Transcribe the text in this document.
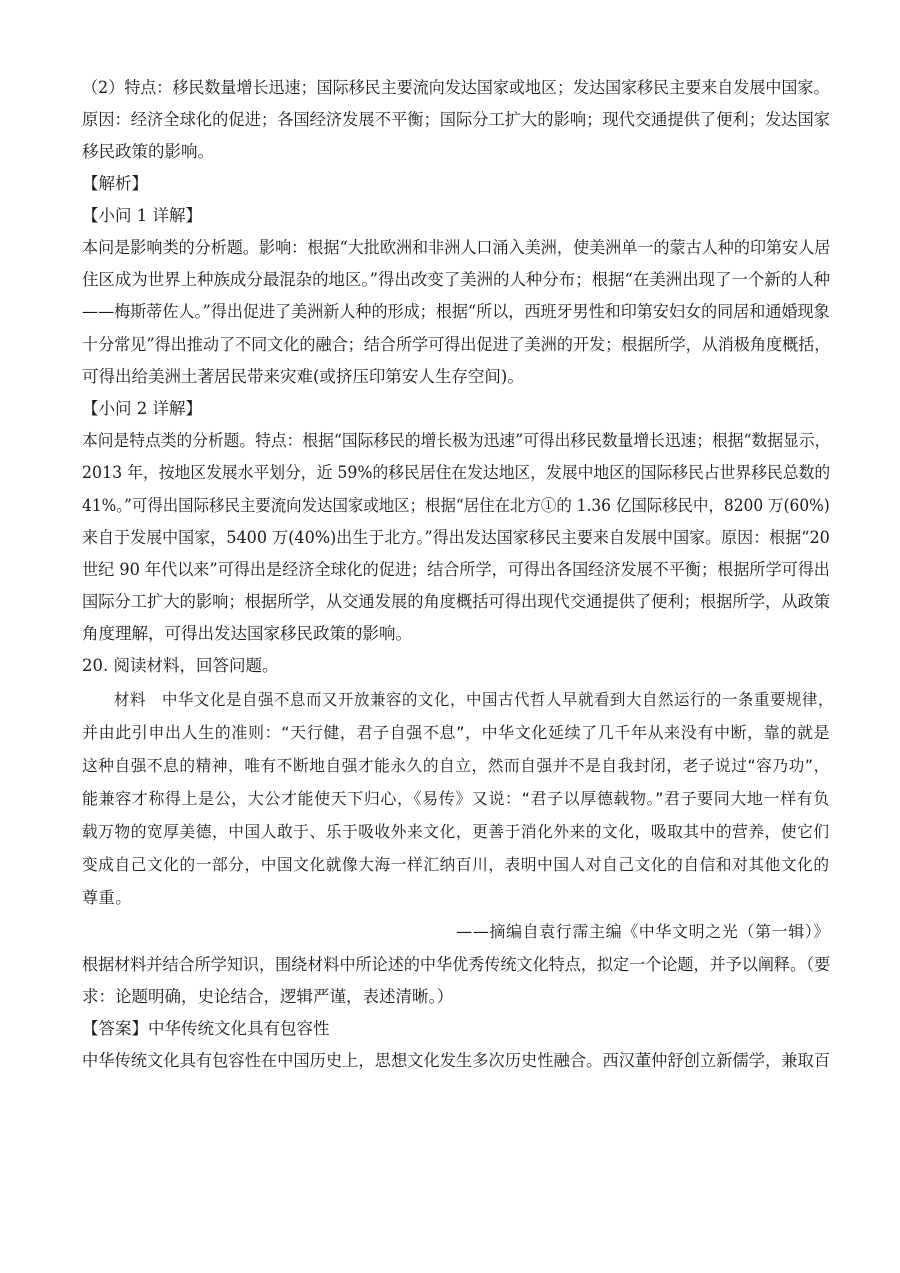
（2）特点：移民数量增长迅速；国际移民主要流向发达国家或地区；发达国家移民主要来自发展中国家。
原因：经济全球化的促进；各国经济发展不平衡；国际分工扩大的影响；现代交通提供了便利；发达国家
移民政策的影响。
【解析】
【小问 1 详解】
本问是影响类的分析题。影响：根据“大批欧洲和非洲人口涌入美洲，使美洲单一的蒙古人种的印第安人居
住区成为世界上种族成分最混杂的地区。”得出改变了美洲的人种分布；根据“在美洲出现了一个新的人种
——梅斯蒂佐人。”得出促进了美洲新人种的形成；根据“所以，西班牙男性和印第安妇女的同居和通婚现象
十分常见”得出推动了不同文化的融合；结合所学可得出促进了美洲的开发；根据所学，从消极角度概括，
可得出给美洲土著居民带来灾难(或挤压印第安人生存空间)。
【小问 2 详解】
本问是特点类的分析题。特点：根据“国际移民的增长极为迅速”可得出移民数量增长迅速；根据“数据显示，
2013 年，按地区发展水平划分，近 59%的移民居住在发达地区，发展中地区的国际移民占世界移民总数的
41%。”可得出国际移民主要流向发达国家或地区；根据“居住在北方①的 1.36 亿国际移民中，8200 万(60%)
来自于发展中国家，5400 万(40%)出生于北方。”得出发达国家移民主要来自发展中国家。原因：根据“20
世纪 90 年代以来”可得出是经济全球化的促进；结合所学，可得出各国经济发展不平衡；根据所学可得出
国际分工扩大的影响；根据所学，从交通发展的角度概括可得出现代交通提供了便利；根据所学，从政策
角度理解，可得出发达国家移民政策的影响。
20. 阅读材料，回答问题。
材料　中华文化是自强不息而又开放兼容的文化，中国古代哲人早就看到大自然运行的一条重要规律，
并由此引申出人生的准则：“天行健，君子自强不息”，中华文化延续了几千年从来没有中断，靠的就是
这种自强不息的精神，唯有不断地自强才能永久的自立，然而自强并不是自我封闭，老子说过“容乃功”，
能兼容才称得上是公，大公才能使天下归心，《易传》又说：“君子以厚德载物。”君子要同大地一样有负
载万物的宽厚美德，中国人敢于、乐于吸收外来文化，更善于消化外来的文化，吸取其中的营养，使它们
变成自己文化的一部分，中国文化就像大海一样汇纳百川，表明中国人对自己文化的自信和对其他文化的
尊重。
——摘编自袁行霈主编《中华文明之光（第一辑）》
根据材料并结合所学知识，围绕材料中所论述的中华优秀传统文化特点，拟定一个论题，并予以阐释。（要
求：论题明确，史论结合，逻辑严谨，表述清晰。）
【答案】中华传统文化具有包容性
中华传统文化具有包容性在中国历史上，思想文化发生多次历史性融合。西汉董仲舒创立新儒学，兼取百
